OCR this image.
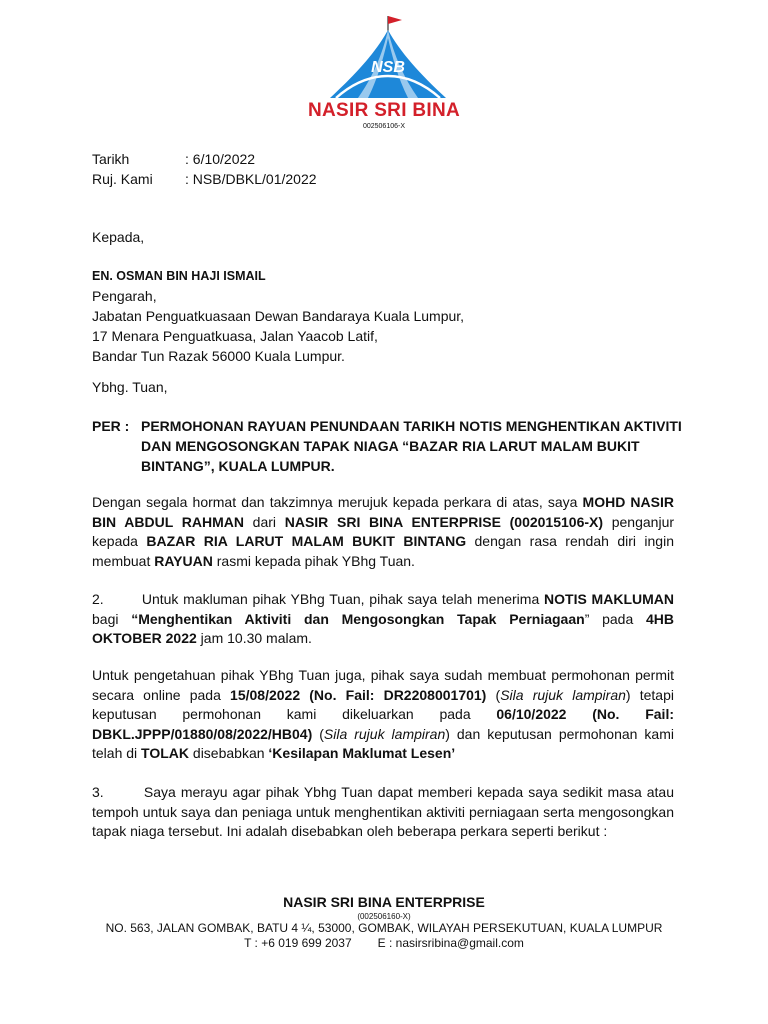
NSB
NASIR SRI BINA
002506106-X
Tarikh	: 6/10/2022
Ruj. Kami	: NSB/DBKL/01/2022
Kepada,
EN. OSMAN BIN HAJI ISMAIL
Pengarah,
Jabatan Penguatkuasaan Dewan Bandaraya Kuala Lumpur,
17 Menara Penguatkuasa, Jalan Yaacob Latif,
Bandar Tun Razak 56000 Kuala Lumpur.
Ybhg. Tuan,
PER : PERMOHONAN RAYUAN PENUNDAAN TARIKH NOTIS MENGHENTIKAN AKTIVITI DAN MENGOSONGKAN TAPAK NIAGA “BAZAR RIA LARUT MALAM BUKIT BINTANG”, KUALA LUMPUR.
Dengan segala hormat dan takzimnya merujuk kepada perkara di atas, saya MOHD NASIR BIN ABDUL RAHMAN dari NASIR SRI BINA ENTERPRISE (002015106-X) penganjur kepada BAZAR RIA LARUT MALAM BUKIT BINTANG dengan rasa rendah diri ingin membuat RAYUAN rasmi kepada pihak YBhg Tuan.
2.	Untuk makluman pihak YBhg Tuan, pihak saya telah menerima NOTIS MAKLUMAN bagi “Menghentikan Aktiviti dan Mengosongkan Tapak Perniagaan” pada 4HB OKTOBER 2022 jam 10.30 malam.
Untuk pengetahuan pihak YBhg Tuan juga, pihak saya sudah membuat permohonan permit secara online pada 15/08/2022 (No. Fail: DR2208001701) (Sila rujuk lampiran) tetapi keputusan permohonan kami dikeluarkan pada 06/10/2022 (No. Fail: DBKL.JPPP/01880/08/2022/HB04) (Sila rujuk lampiran) dan keputusan permohonan kami telah di TOLAK disebabkan ‘Kesilapan Maklumat Lesen’
3.	Saya merayu agar pihak Ybhg Tuan dapat memberi kepada saya sedikit masa atau tempoh untuk saya dan peniaga untuk menghentikan aktiviti perniagaan serta mengosongkan tapak niaga tersebut. Ini adalah disebabkan oleh beberapa perkara seperti berikut :
NASIR SRI BINA ENTERPRISE
(002506160-X)
NO. 563, JALAN GOMBAK, BATU 4 ¼, 53000, GOMBAK, WILAYAH PERSEKUTUAN, KUALA LUMPUR
T : +6 019 699 2037 E : nasirsribina@gmail.com
